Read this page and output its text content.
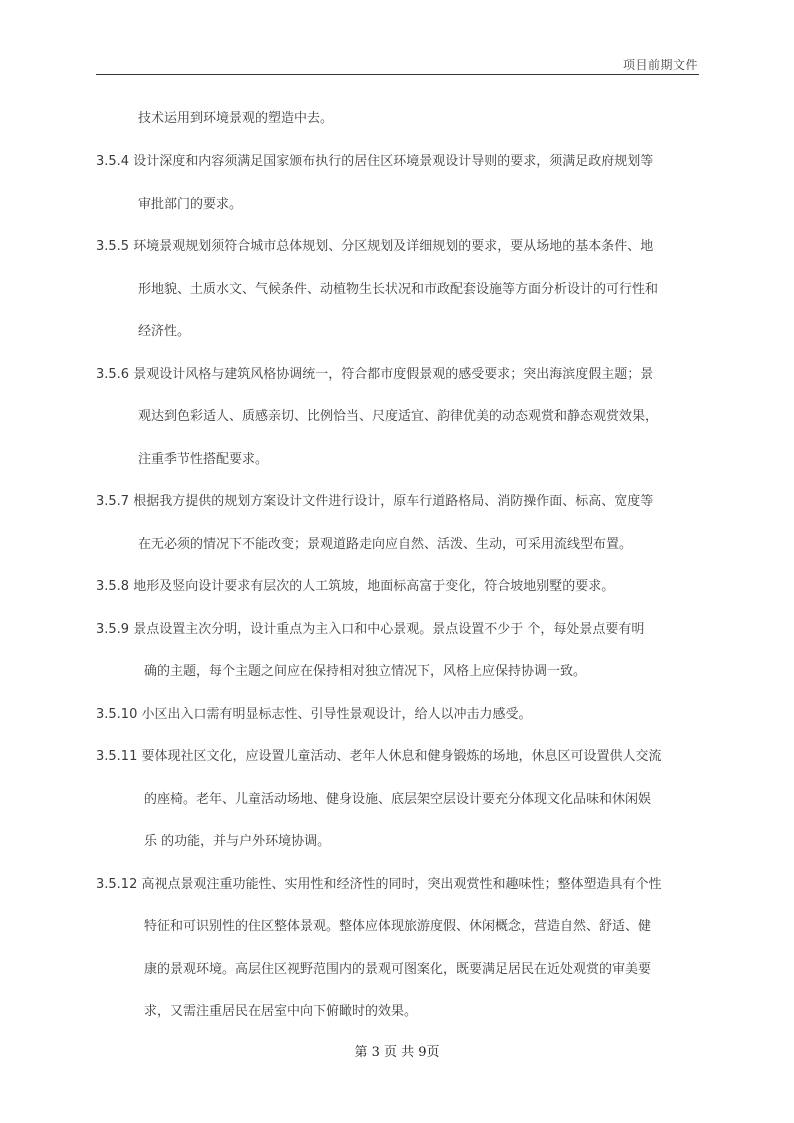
项目前期文件
技术运用到环境景观的塑造中去。
3.5.4 设计深度和内容须满足国家颁布执行的居住区环境景观设计导则的要求，须满足政府规划等
审批部门的要求。
3.5.5 环境景观规划须符合城市总体规划、分区规划及详细规划的要求，要从场地的基本条件、地
形地貌、土质水文、气候条件、动植物生长状况和市政配套设施等方面分析设计的可行性和
经济性。
3.5.6 景观设计风格与建筑风格协调统一，符合都市度假景观的感受要求；突出海滨度假主题；景
观达到色彩适人、质感亲切、比例恰当、尺度适宜、韵律优美的动态观赏和静态观赏效果，
注重季节性搭配要求。
3.5.7 根据我方提供的规划方案设计文件进行设计，原车行道路格局、消防操作面、标高、宽度等
在无必须的情况下不能改变；景观道路走向应自然、活泼、生动，可采用流线型布置。
3.5.8 地形及竖向设计要求有层次的人工筑坡，地面标高富于变化，符合坡地别墅的要求。
3.5.9 景点设置主次分明，设计重点为主入口和中心景观。景点设置不少于 个，每处景点要有明
确的主题，每个主题之间应在保持相对独立情况下，风格上应保持协调一致。
3.5.10 小区出入口需有明显标志性、引导性景观设计，给人以冲击力感受。
3.5.11 要体现社区文化，应设置儿童活动、老年人休息和健身锻炼的场地，休息区可设置供人交流
的座椅。老年、儿童活动场地、健身设施、底层架空层设计要充分体现文化品味和休闲娱
乐 的功能，并与户外环境协调。
3.5.12 高视点景观注重功能性、实用性和经济性的同时，突出观赏性和趣味性；整体塑造具有个性
特征和可识别性的住区整体景观。整体应体现旅游度假、休闲概念，营造自然、舒适、健
康的景观环境。高层住区视野范围内的景观可图案化，既要满足居民在近处观赏的审美要
求，又需注重居民在居室中向下俯瞰时的效果。
第 3 页 共 9页
